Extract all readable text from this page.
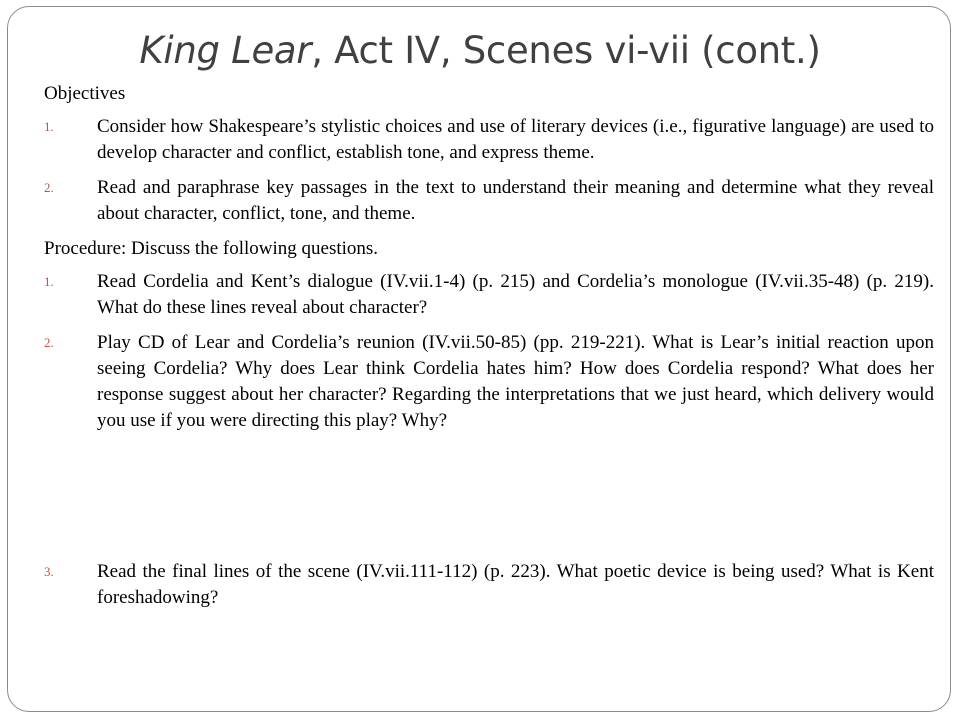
King Lear, Act IV, Scenes vi-vii (cont.)
Objectives
1. Consider how Shakespeare’s stylistic choices and use of literary devices (i.e., figurative language) are used to develop character and conflict, establish tone, and express theme.
2. Read and paraphrase key passages in the text to understand their meaning and determine what they reveal about character, conflict, tone, and theme.
Procedure: Discuss the following questions.
1. Read Cordelia and Kent’s dialogue (IV.vii.1-4) (p. 215) and Cordelia’s monologue (IV.vii.35-48) (p. 219). What do these lines reveal about character?
2. Play CD of Lear and Cordelia’s reunion (IV.vii.50-85) (pp. 219-221). What is Lear’s initial reaction upon seeing Cordelia? Why does Lear think Cordelia hates him? How does Cordelia respond? What does her response suggest about her character? Regarding the interpretations that we just heard, which delivery would you use if you were directing this play? Why?
3. Read the final lines of the scene (IV.vii.111-112) (p. 223). What poetic device is being used? What is Kent foreshadowing?
